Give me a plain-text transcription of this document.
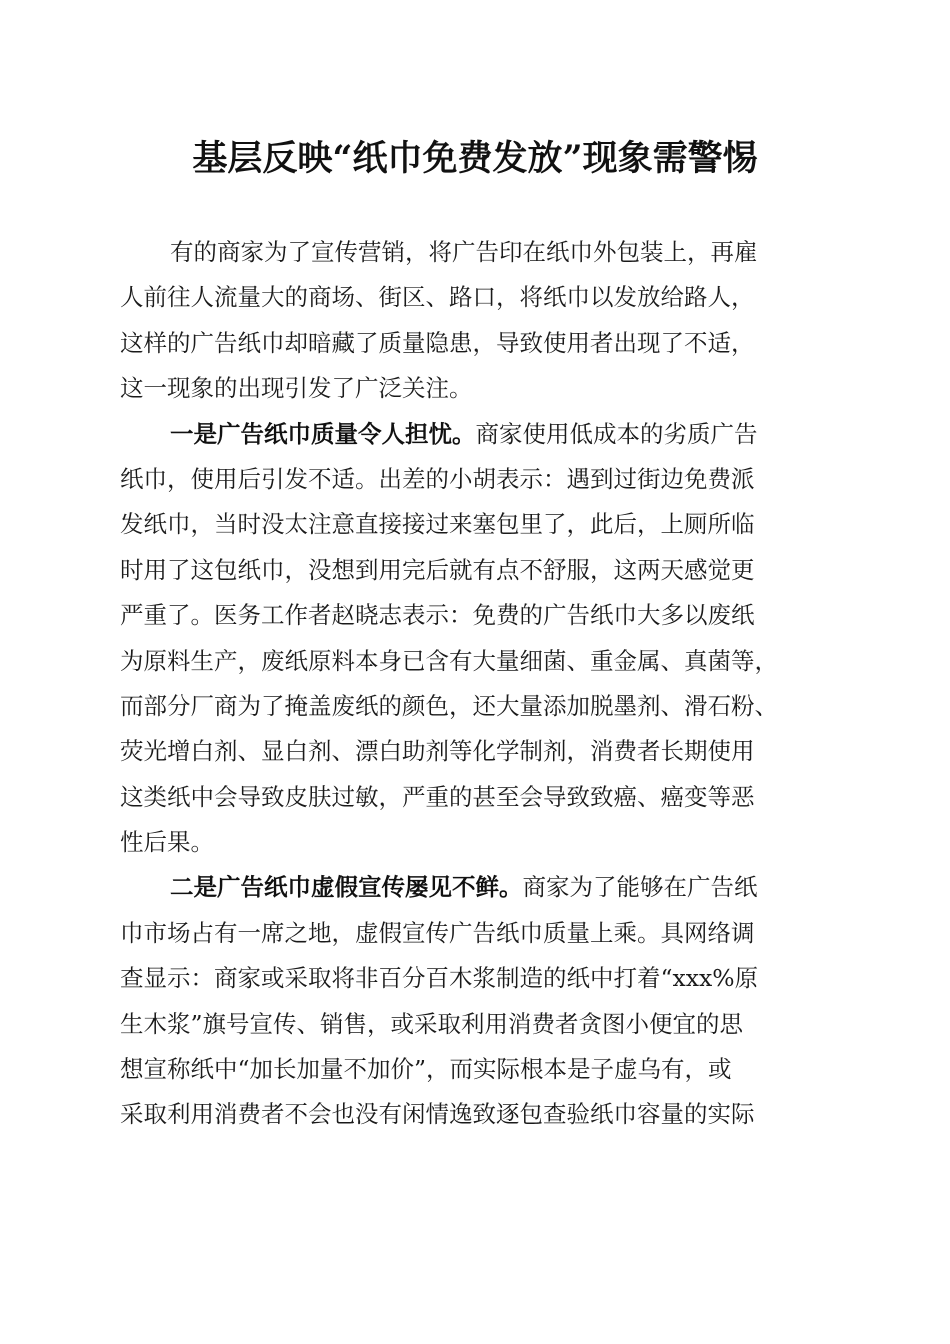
基层反映“纸巾免费发放”现象需警惕
有的商家为了宣传营销，将广告印在纸巾外包装上，再雇
人前往人流量大的商场、街区、路口，将纸巾以发放给路人，
这样的广告纸巾却暗藏了质量隐患，导致使用者出现了不适，
这一现象的出现引发了广泛关注。
一是广告纸巾质量令人担忧。商家使用低成本的劣质广告
纸巾，使用后引发不适。出差的小胡表示：遇到过街边免费派
发纸巾，当时没太注意直接接过来塞包里了，此后，上厕所临
时用了这包纸巾，没想到用完后就有点不舒服，这两天感觉更
严重了。医务工作者赵晓志表示：免费的广告纸巾大多以废纸
为原料生产，废纸原料本身已含有大量细菌、重金属、真菌等，
而部分厂商为了掩盖废纸的颜色，还大量添加脱墨剂、滑石粉、
荧光增白剂、显白剂、漂白助剂等化学制剂，消费者长期使用
这类纸中会导致皮肤过敏，严重的甚至会导致致癌、癌变等恶
性后果。
二是广告纸巾虚假宣传屡见不鲜。商家为了能够在广告纸
巾市场占有一席之地，虚假宣传广告纸巾质量上乘。具网络调
查显示：商家或采取将非百分百木浆制造的纸中打着“xxx%原
生木浆”旗号宣传、销售，或采取利用消费者贪图小便宜的思
想宣称纸中“加长加量不加价”，而实际根本是子虚乌有，或
采取利用消费者不会也没有闲情逸致逐包查验纸巾容量的实际
